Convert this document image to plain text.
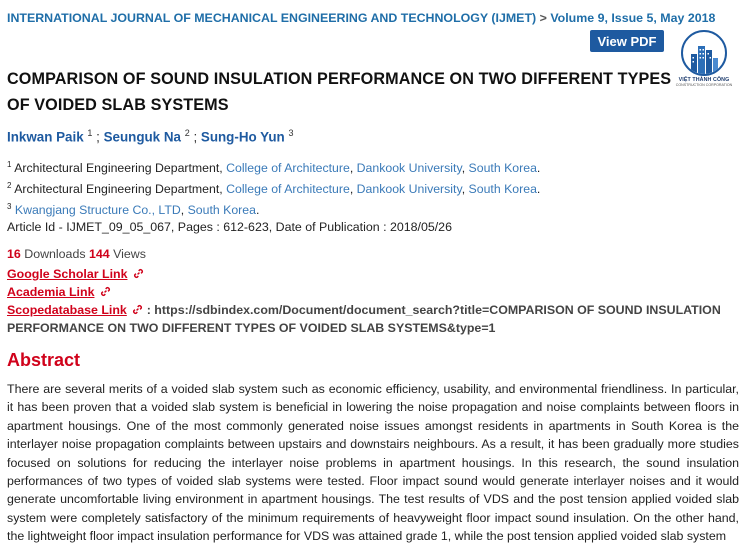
INTERNATIONAL JOURNAL OF MECHANICAL ENGINEERING AND TECHNOLOGY (IJMET) > Volume 9, Issue 5, May 2018
View PDF
VIỆT THÀNH CÔNG
CONSTRUCTION CORPORATION
COMPARISON OF SOUND INSULATION PERFORMANCE ON TWO DIFFERENT TYPES OF VOIDED SLAB SYSTEMS
Inkwan Paik $^1$ ; Seunguk Na $^2$ ; Sung-Ho Yun $^3$
$^1$ Architectural Engineering Department, College of Architecture, Dankook University, South Korea.
$^2$ Architectural Engineering Department, College of Architecture, Dankook University, South Korea.
$^3$ Kwangjang Structure Co., LTD, South Korea.
Article Id - IJMET_09_05_067, Pages : 612-623, Date of Publication : 2018/05/26
16 Downloads 144 Views
Google Scholar Link
Academia Link
Scopedatabase Link  : https://sdbindex.com/Document/document_search?title=COMPARISON OF SOUND INSULATION PERFORMANCE ON TWO DIFFERENT TYPES OF VOIDED SLAB SYSTEMS&type=1
Abstract

There are several merits of a voided slab system such as economic efficiency, usability, and environmental friendliness. In particular, it has been proven that a voided slab system is beneficial in lowering the noise propagation and noise complaints between floors in apartment housings. One of the most commonly generated noise issues amongst residents in apartments in South Korea is the interlayer noise propagation complaints between upstairs and downstairs neighbours. As a result, it has been gradually more studies focused on solutions for reducing the interlayer noise problems in apartment housings. In this research, the sound insulation performances of two types of voided slab systems were tested. Floor impact sound would generate interlayer noises and it would generate uncomfortable living environment in apartment housings. The test results of VDS and the post tension applied voided slab system were completely satisfactory of the minimum requirements of heavyweight floor impact sound insulation. On the other hand, the lightweight floor impact insulation performance for VDS was attained grade 1, while the post tension applied voided slab system
